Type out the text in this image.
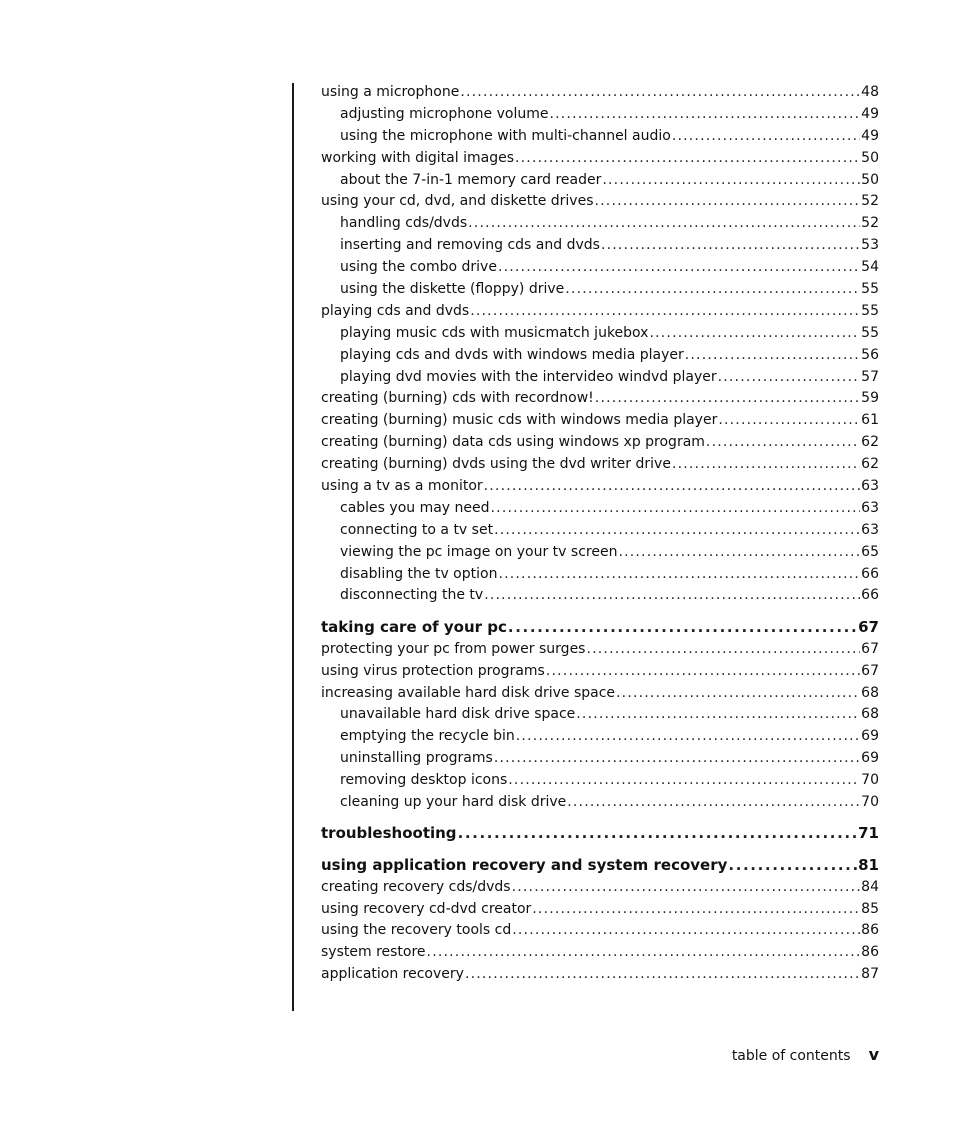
using a microphone .....	48
adjusting microphone volume .....	49
using the microphone with multi-channel audio .....	49
working with digital images .....	50
about the 7-in-1 memory card reader .....	50
using your cd, dvd, and diskette drives .....	52
handling cds/dvds .....	52
inserting and removing cds and dvds .....	53
using the combo drive .....	54
using the diskette (floppy) drive .....	55
playing cds and dvds .....	55
playing music cds with musicmatch jukebox .....	55
playing cds and dvds with windows media player .....	56
playing dvd movies with the intervideo windvd player .....	57
creating (burning) cds with recordnow! .....	59
creating (burning) music cds with windows media player .....	61
creating (burning) data cds using windows xp program .....	62
creating (burning) dvds using the dvd writer drive .....	62
using a tv as a monitor .....	63
cables you may need .....	63
connecting to a tv set .....	63
viewing the pc image on your tv screen .....	65
disabling the tv option .....	66
disconnecting the tv .....	66
taking care of your pc .....	67
protecting your pc from power surges .....	67
using virus protection programs .....	67
increasing available hard disk drive space .....	68
unavailable hard disk drive space .....	68
emptying the recycle bin .....	69
uninstalling programs .....	69
removing desktop icons .....	70
cleaning up your hard disk drive .....	70
troubleshooting .....	71
using application recovery and system recovery .....	81
creating recovery cds/dvds .....	84
using recovery cd-dvd creator .....	85
using the recovery tools cd .....	86
system restore .....	86
application recovery .....	87
table of contents v
